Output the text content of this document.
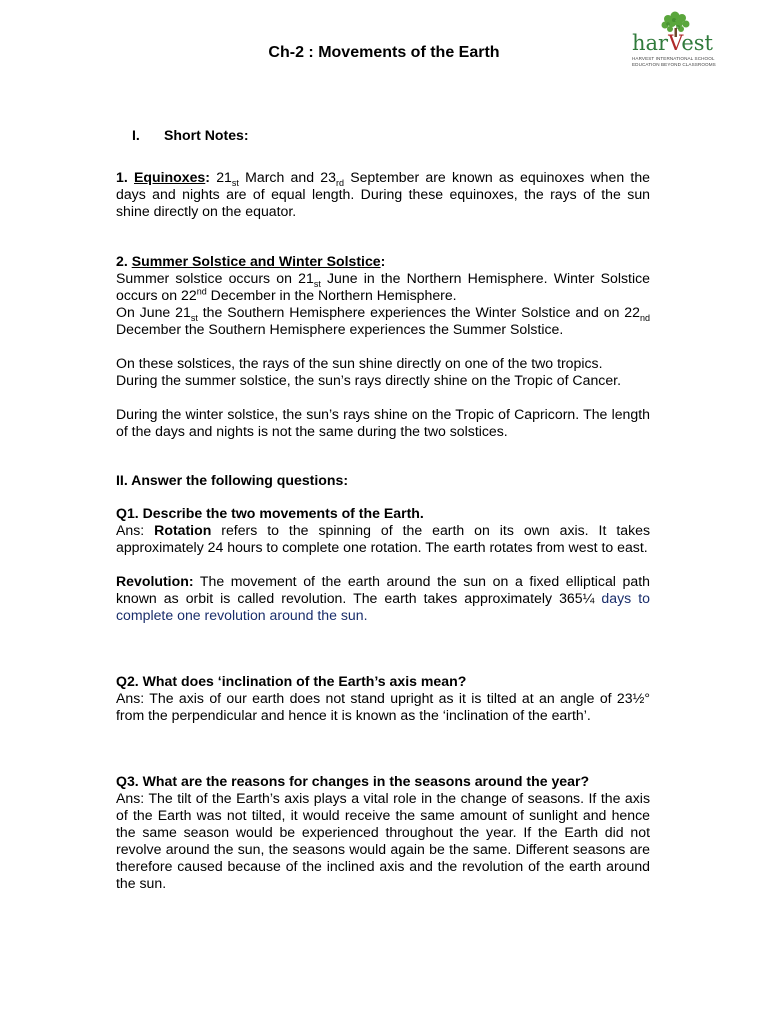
Ch-2 : Movements of the Earth	harVest
HARVEST INTERNATIONAL SCHOOL
EDUCATION BEYOND CLASSROOMS
I. Short Notes:
1. Equinoxes: $21_{st}$ March and $23_{rd}$ September are known as equinoxes when the days and nights are of equal length. During these equinoxes, the rays of the sun shine directly on the equator.
2. Summer Solstice and Winter Solstice:
Summer solstice occurs on $21_{st}$ June in the Northern Hemisphere. Winter Solstice occurs on 22nd December in the Northern Hemisphere.
On June $21_{st}$ the Southern Hemisphere experiences the Winter Solstice and on $22_{nd}$ December the Southern Hemisphere experiences the Summer Solstice.
On these solstices, the rays of the sun shine directly on one of the two tropics.
During the summer solstice, the sun’s rays directly shine on the Tropic of Cancer.
During the winter solstice, the sun’s rays shine on the Tropic of Capricorn. The length of the days and nights is not the same during the two solstices.
II. Answer the following questions:
Q1. Describe the two movements of the Earth.
Ans: Rotation refers to the spinning of the earth on its own axis. It takes approximately 24 hours to complete one rotation. The earth rotates from west to east.
Revolution: The movement of the earth around the sun on a fixed elliptical path known as orbit is called revolution. The earth takes approximately 365¼ days to complete one revolution around the sun.
Q2. What does ‘inclination of the Earth’s axis mean?
Ans: The axis of our earth does not stand upright as it is tilted at an angle of 23½° from the perpendicular and hence it is known as the ‘inclination of the earth’.
Q3. What are the reasons for changes in the seasons around the year?
Ans: The tilt of the Earth’s axis plays a vital role in the change of seasons. If the axis of the Earth was not tilted, it would receive the same amount of sunlight and hence the same season would be experienced throughout the year. If the Earth did not revolve around the sun, the seasons would again be the same. Different seasons are therefore caused because of the inclined axis and the revolution of the earth around the sun.
